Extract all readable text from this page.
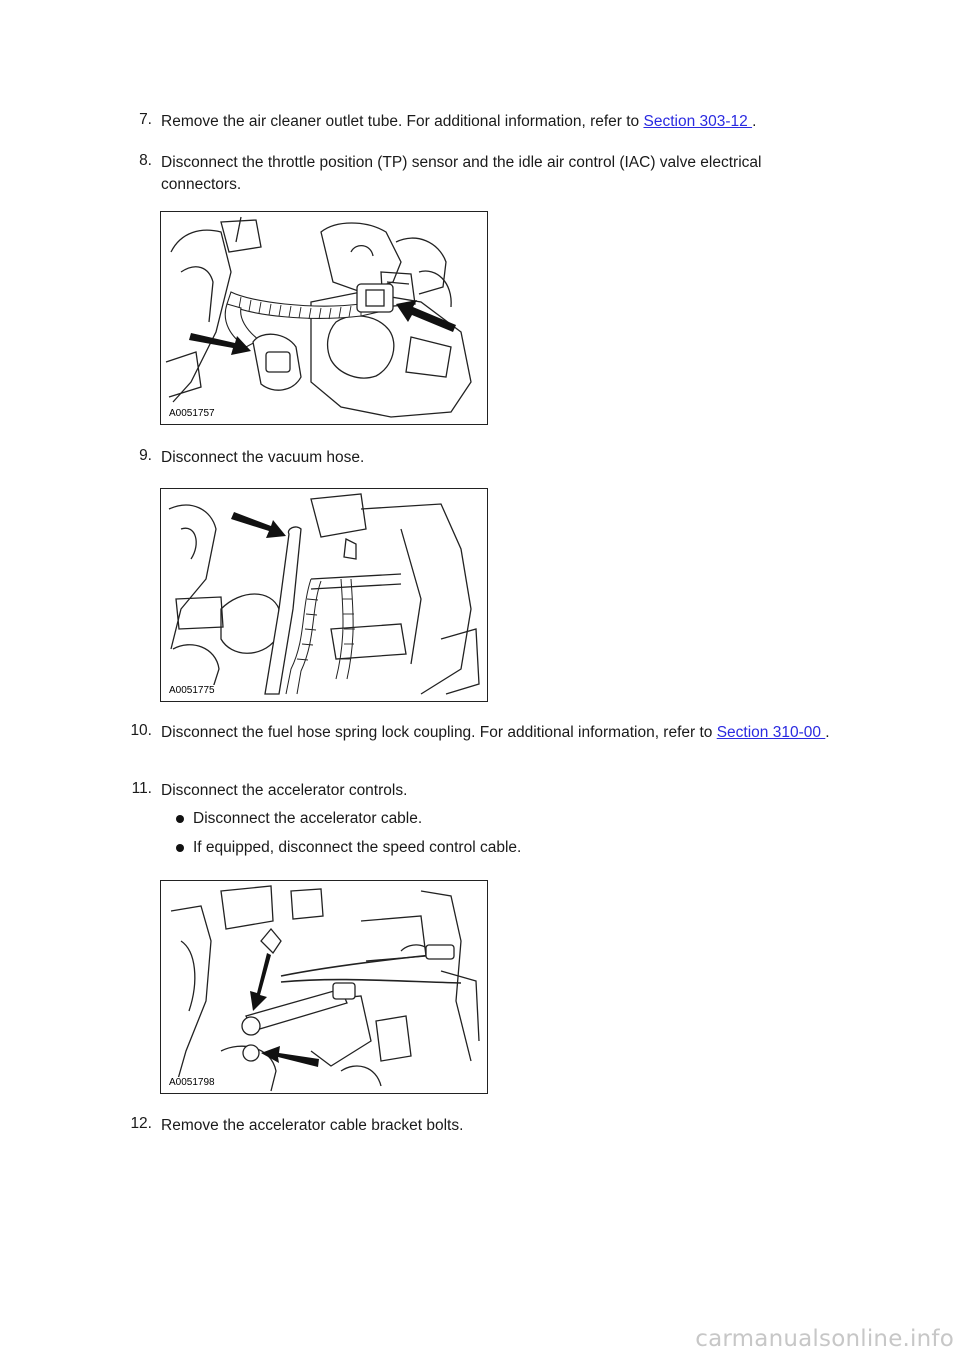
7. Remove the air cleaner outlet tube. For additional information, refer to Section 303-12 .
8. Disconnect the throttle position (TP) sensor and the idle air control (IAC) valve electrical connectors.
A0051757
9. Disconnect the vacuum hose.
A0051775
10. Disconnect the fuel hose spring lock coupling. For additional information, refer to Section 310-00 .
11. Disconnect the accelerator controls.
Disconnect the accelerator cable.
If equipped, disconnect the speed control cable.
A0051798
12. Remove the accelerator cable bracket bolts.
carmanualsonline.info
